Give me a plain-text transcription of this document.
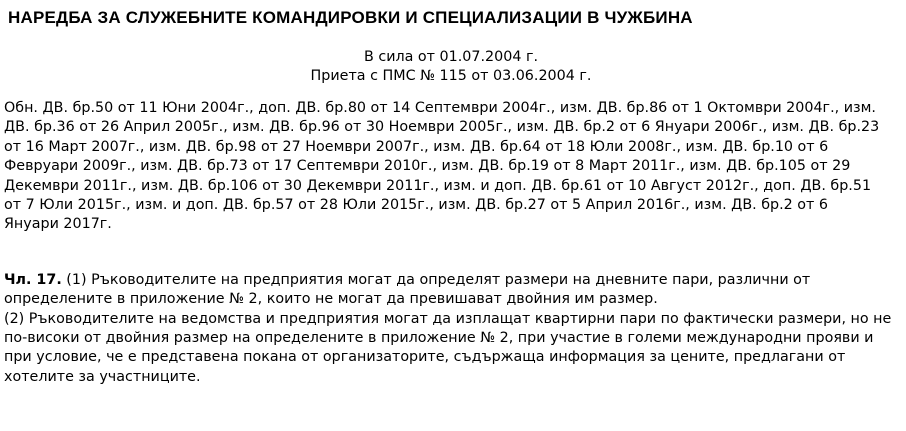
НАРЕДБА ЗА СЛУЖЕБНИТЕ КОМАНДИРОВКИ И СПЕЦИАЛИЗАЦИИ В ЧУЖБИНА
В сила от 01.07.2004 г.
Приета с ПМС № 115 от 03.06.2004 г.
Обн. ДВ. бр.50 от 11 Юни 2004г., доп. ДВ. бр.80 от 14 Септември 2004г., изм. ДВ. бр.86 от 1 Октомври 2004г., изм. ДВ. бр.36 от 26 Април 2005г., изм. ДВ. бр.96 от 30 Ноември 2005г., изм. ДВ. бр.2 от 6 Януари 2006г., изм. ДВ. бр.23 от 16 Март 2007г., изм. ДВ. бр.98 от 27 Ноември 2007г., изм. ДВ. бр.64 от 18 Юли 2008г., изм. ДВ. бр.10 от 6 Февруари 2009г., изм. ДВ. бр.73 от 17 Септември 2010г., изм. ДВ. бр.19 от 8 Март 2011г., изм. ДВ. бр.105 от 29 Декември 2011г., изм. ДВ. бр.106 от 30 Декември 2011г., изм. и доп. ДВ. бр.61 от 10 Август 2012г., доп. ДВ. бр.51 от 7 Юли 2015г., изм. и доп. ДВ. бр.57 от 28 Юли 2015г., изм. ДВ. бр.27 от 5 Април 2016г., изм. ДВ. бр.2 от 6 Януари 2017г.

Чл. 17. (1) Ръководителите на предприятия могат да определят размери на дневните пари, различни от определените в приложение № 2, които не могат да превишават двойния им размер.

(2) Ръководителите на ведомства и предприятия могат да изплащат квартирни пари по фактически размери, но не по-високи от двойния размер на определените в приложение № 2, при участие в големи международни прояви и при условие, че е представена покана от организаторите, съдържаща информация за цените, предлагани от хотелите за участниците.
